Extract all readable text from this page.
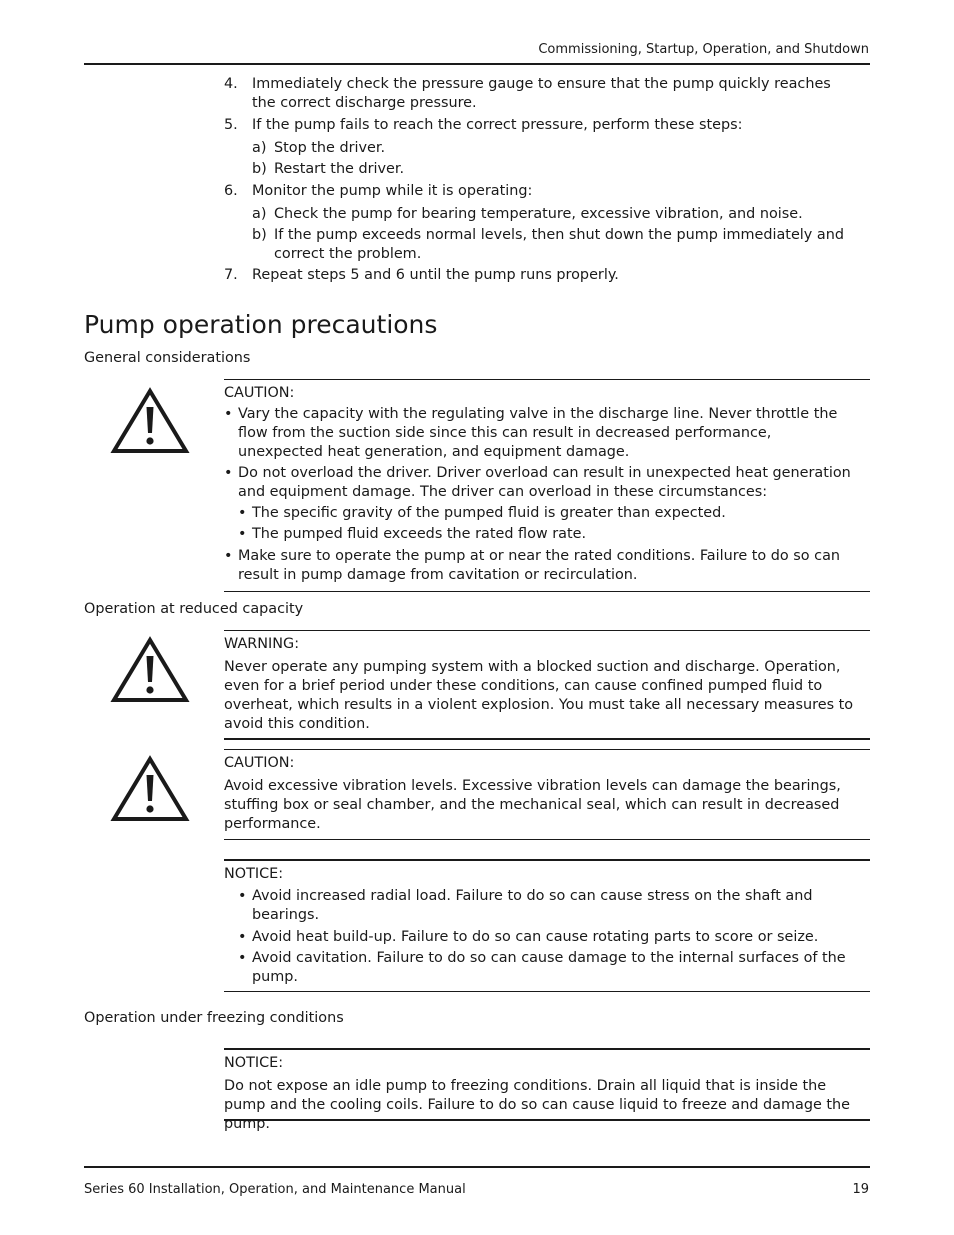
Commissioning, Startup, Operation, and Shutdown
4. Immediately check the pressure gauge to ensure that the pump quickly reaches the correct discharge pressure.
5. If the pump fails to reach the correct pressure, perform these steps:
a) Stop the driver.
b) Restart the driver.
6. Monitor the pump while it is operating:
a) Check the pump for bearing temperature, excessive vibration, and noise.
b) If the pump exceeds normal levels, then shut down the pump immediately and correct the problem.
7. Repeat steps 5 and 6 until the pump runs properly.
Pump operation precautions
General considerations
CAUTION:
• Vary the capacity with the regulating valve in the discharge line. Never throttle the flow from the suction side since this can result in decreased performance, unexpected heat generation, and equipment damage.
• Do not overload the driver. Driver overload can result in unexpected heat generation and equipment damage. The driver can overload in these circumstances:
• The specific gravity of the pumped fluid is greater than expected.
• The pumped fluid exceeds the rated flow rate.
• Make sure to operate the pump at or near the rated conditions. Failure to do so can result in pump damage from cavitation or recirculation.
Operation at reduced capacity
WARNING:
Never operate any pumping system with a blocked suction and discharge. Operation, even for a brief period under these conditions, can cause confined pumped fluid to overheat, which results in a violent explosion. You must take all necessary measures to avoid this condition.
CAUTION:
Avoid excessive vibration levels. Excessive vibration levels can damage the bearings, stuffing box or seal chamber, and the mechanical seal, which can result in decreased performance.
NOTICE:
• Avoid increased radial load. Failure to do so can cause stress on the shaft and bearings.
• Avoid heat build-up. Failure to do so can cause rotating parts to score or seize.
• Avoid cavitation. Failure to do so can cause damage to the internal surfaces of the pump.
Operation under freezing conditions
NOTICE:
Do not expose an idle pump to freezing conditions. Drain all liquid that is inside the pump and the cooling coils. Failure to do so can cause liquid to freeze and damage the pump.
Series 60 Installation, Operation, and Maintenance Manual	19
